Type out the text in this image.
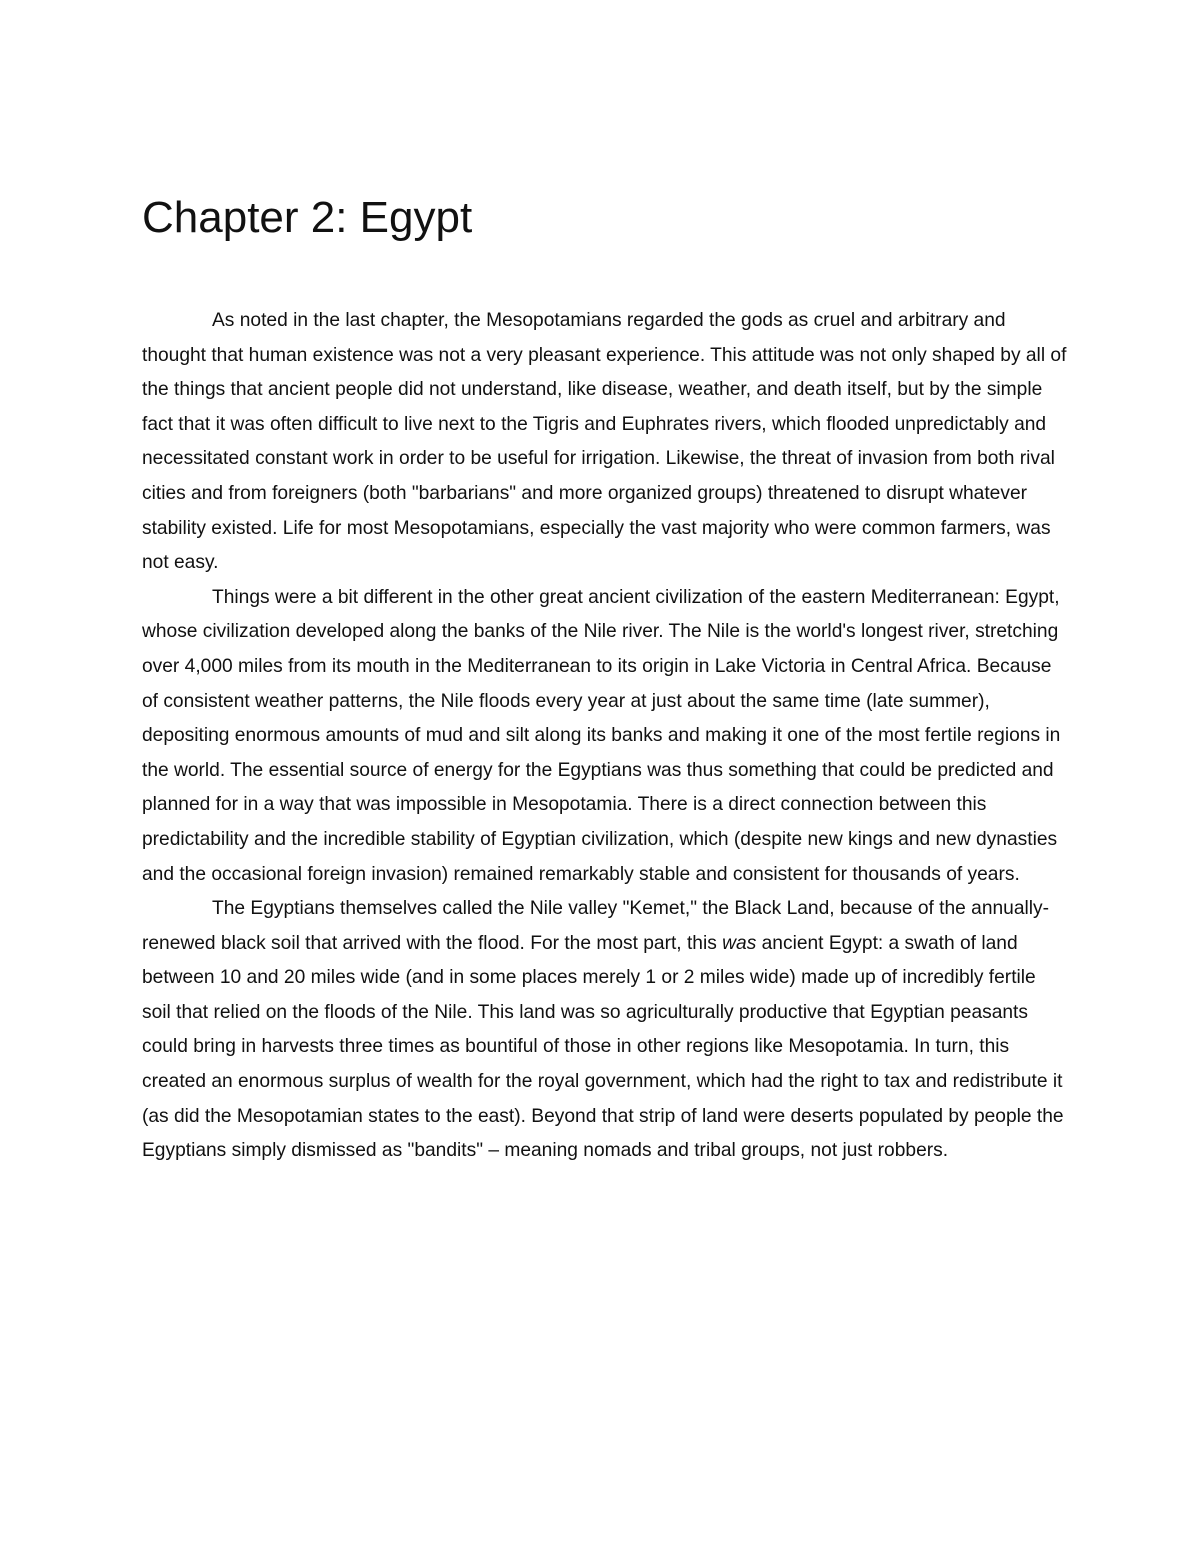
Chapter 2: Egypt

As noted in the last chapter, the Mesopotamians regarded the gods as cruel and arbitrary and thought that human existence was not a very pleasant experience. This attitude was not only shaped by all of the things that ancient people did not understand, like disease, weather, and death itself, but by the simple fact that it was often difficult to live next to the Tigris and Euphrates rivers, which flooded unpredictably and necessitated constant work in order to be useful for irrigation. Likewise, the threat of invasion from both rival cities and from foreigners (both "barbarians" and more organized groups) threatened to disrupt whatever stability existed. Life for most Mesopotamians, especially the vast majority who were common farmers, was not easy.

Things were a bit different in the other great ancient civilization of the eastern Mediterranean: Egypt, whose civilization developed along the banks of the Nile river. The Nile is the world's longest river, stretching over 4,000 miles from its mouth in the Mediterranean to its origin in Lake Victoria in Central Africa. Because of consistent weather patterns, the Nile floods every year at just about the same time (late summer), depositing enormous amounts of mud and silt along its banks and making it one of the most fertile regions in the world. The essential source of energy for the Egyptians was thus something that could be predicted and planned for in a way that was impossible in Mesopotamia. There is a direct connection between this predictability and the incredible stability of Egyptian civilization, which (despite new kings and new dynasties and the occasional foreign invasion) remained remarkably stable and consistent for thousands of years.

The Egyptians themselves called the Nile valley "Kemet," the Black Land, because of the annually-renewed black soil that arrived with the flood. For the most part, this was ancient Egypt: a swath of land between 10 and 20 miles wide (and in some places merely 1 or 2 miles wide) made up of incredibly fertile soil that relied on the floods of the Nile. This land was so agriculturally productive that Egyptian peasants could bring in harvests three times as bountiful of those in other regions like Mesopotamia. In turn, this created an enormous surplus of wealth for the royal government, which had the right to tax and redistribute it (as did the Mesopotamian states to the east). Beyond that strip of land were deserts populated by people the Egyptians simply dismissed as "bandits" – meaning nomads and tribal groups, not just robbers.
